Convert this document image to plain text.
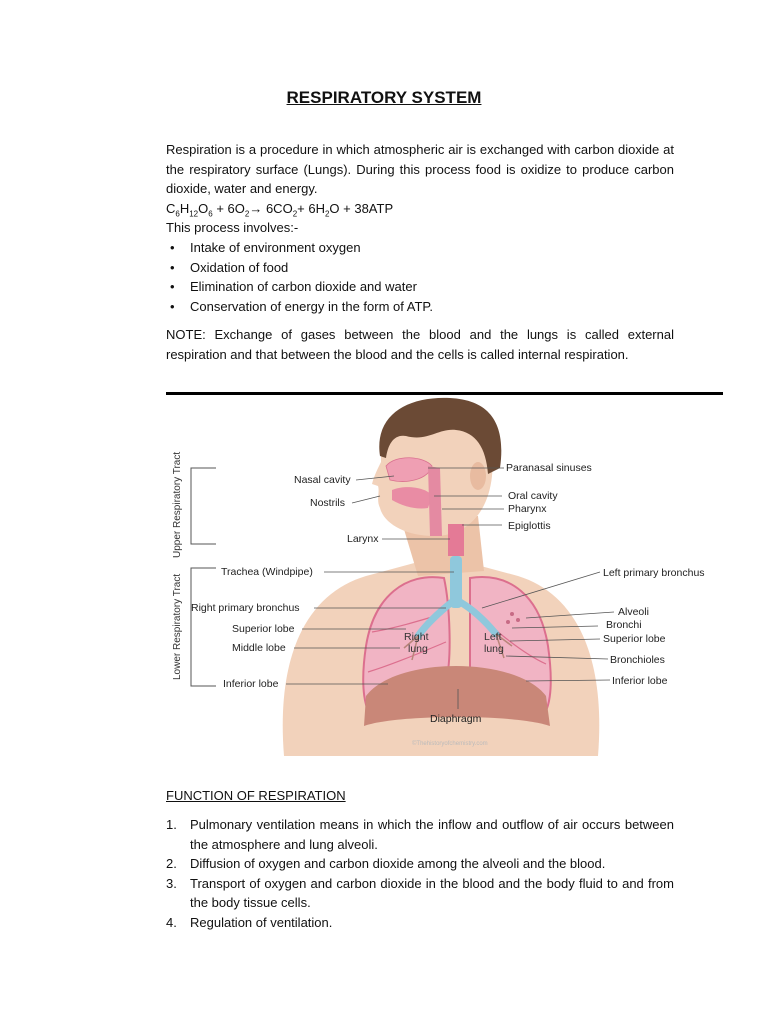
RESPIRATORY SYSTEM

Respiration is a procedure in which atmospheric air is exchanged with carbon dioxide at the respiratory surface (Lungs). During this process food is oxidize to produce carbon dioxide, water and energy.

$C_6H_{12}O_6 + 6O_2\to 6CO_2+ 6H_2O + 38ATP$

This process involves:-

• Intake of environment oxygen
• Oxidation of food
• Elimination of carbon dioxide and water
• Conservation of energy in the form of ATP.
NOTE: Exchange of gases between the blood and the lungs is called external respiration and that between the blood and the cells is called internal respiration.
Upper Respiratory Tract
Lower Respiratory Tract
Nasal cavity
Nostrils
Larynx
Trachea (Windpipe)
Right primary bronchus
Superior lobe
Middle lobe
Inferior lobe
Right
lung
Left
lung
Diaphragm
©Thehistoryofchemistry.com
Paranasal sinuses
Oral cavity
Pharynx
Epiglottis
Left primary bronchus
Alveoli
Bronchi
Superior lobe
Bronchioles
Inferior lobe
FUNCTION OF RESPIRATION
1. Pulmonary ventilation means in which the inflow and outflow of air occurs between the atmosphere and lung alveoli.
2. Diffusion of oxygen and carbon dioxide among the alveoli and the blood.
3. Transport of oxygen and carbon dioxide in the blood and the body fluid to and from the body tissue cells.
4. Regulation of ventilation.
